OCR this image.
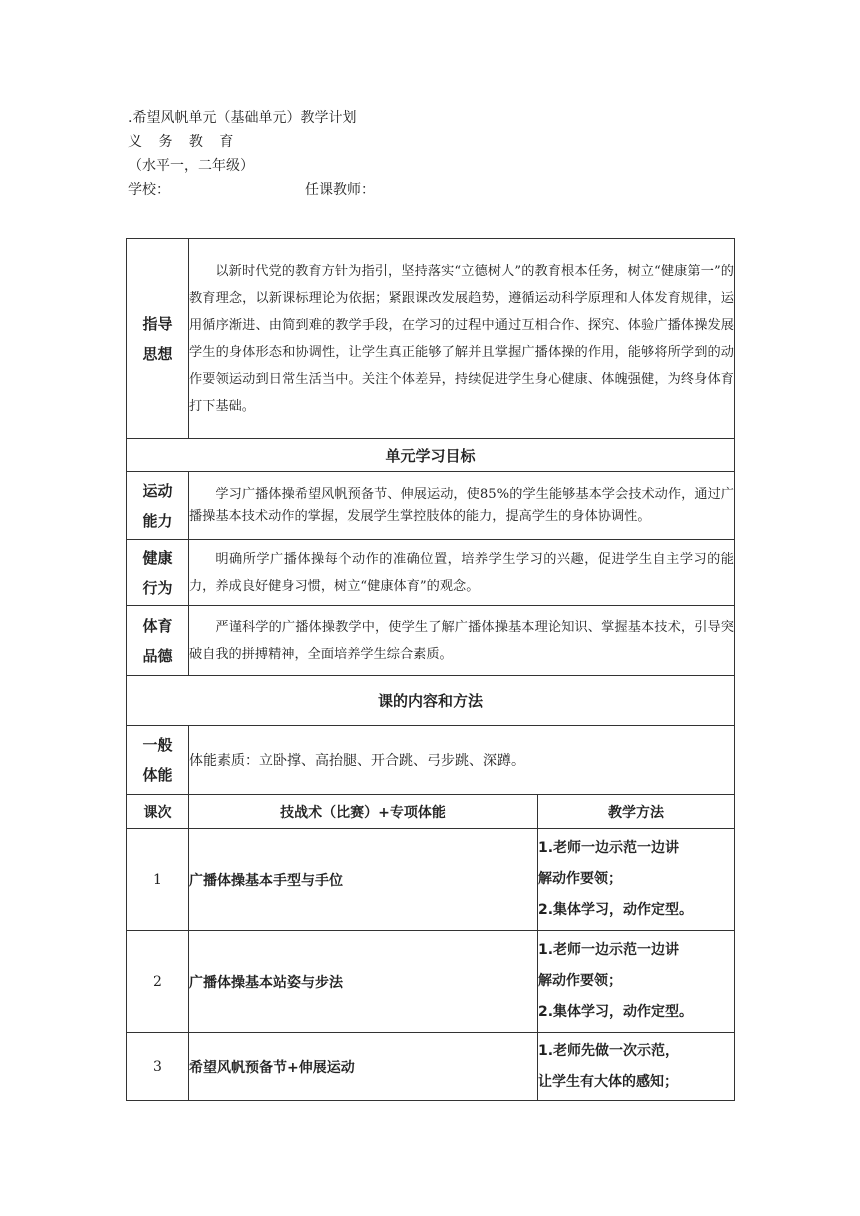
.希望风帆单元（基础单元）教学计划
义 务 教 育
（水平一，二年级）
学校：	任课教师：
指导
思想	以新时代党的教育方针为指引，坚持落实“立德树人”的教育根本任务，树立“健康第一”的教育理念，以新课标理论为依据；紧跟课改发展趋势，遵循运动科学原理和人体发育规律，运用循序渐进、由简到难的教学手段，在学习的过程中通过互相合作、探究、体验广播体操发展学生的身体形态和协调性，让学生真正能够了解并且掌握广播体操的作用，能够将所学到的动作要领运动到日常生活当中。关注个体差异，持续促进学生身心健康、体魄强健，为终身体育打下基础。	
单元学习目标		

运动
能力	学习广播体操希望风帆预备节、伸展运动，使85%的学生能够基本学会技术动作，通过广播操基本技术动作的掌握，发展学生掌控肢体的能力，提高学生的身体协调性。	

健康
行为	明确所学广播体操每个动作的准确位置，培养学生学习的兴趣，促进学生自主学习的能力，养成良好健身习惯，树立“健康体育”的观念。	

体育
品德	严谨科学的广播体操教学中，使学生了解广播体操基本理论知识、掌握基本技术，引导突破自我的拼搏精神，全面培养学生综合素质。	
课的内容和方法		

一般
体能	体能素质：立卧撑、高抬腿、开合跳、弓步跳、深蹲。	
课次	技战术（比赛）+专项体能	教学方法
1	广播体操基本手型与手位	1.老师一边示范一边讲
解动作要领；
2.集体学习，动作定型。

2	广播体操基本站姿与步法	1.老师一边示范一边讲
解动作要领；
2.集体学习，动作定型。

3	希望风帆预备节+伸展运动	1.老师先做一次示范，
让学生有大体的感知；
